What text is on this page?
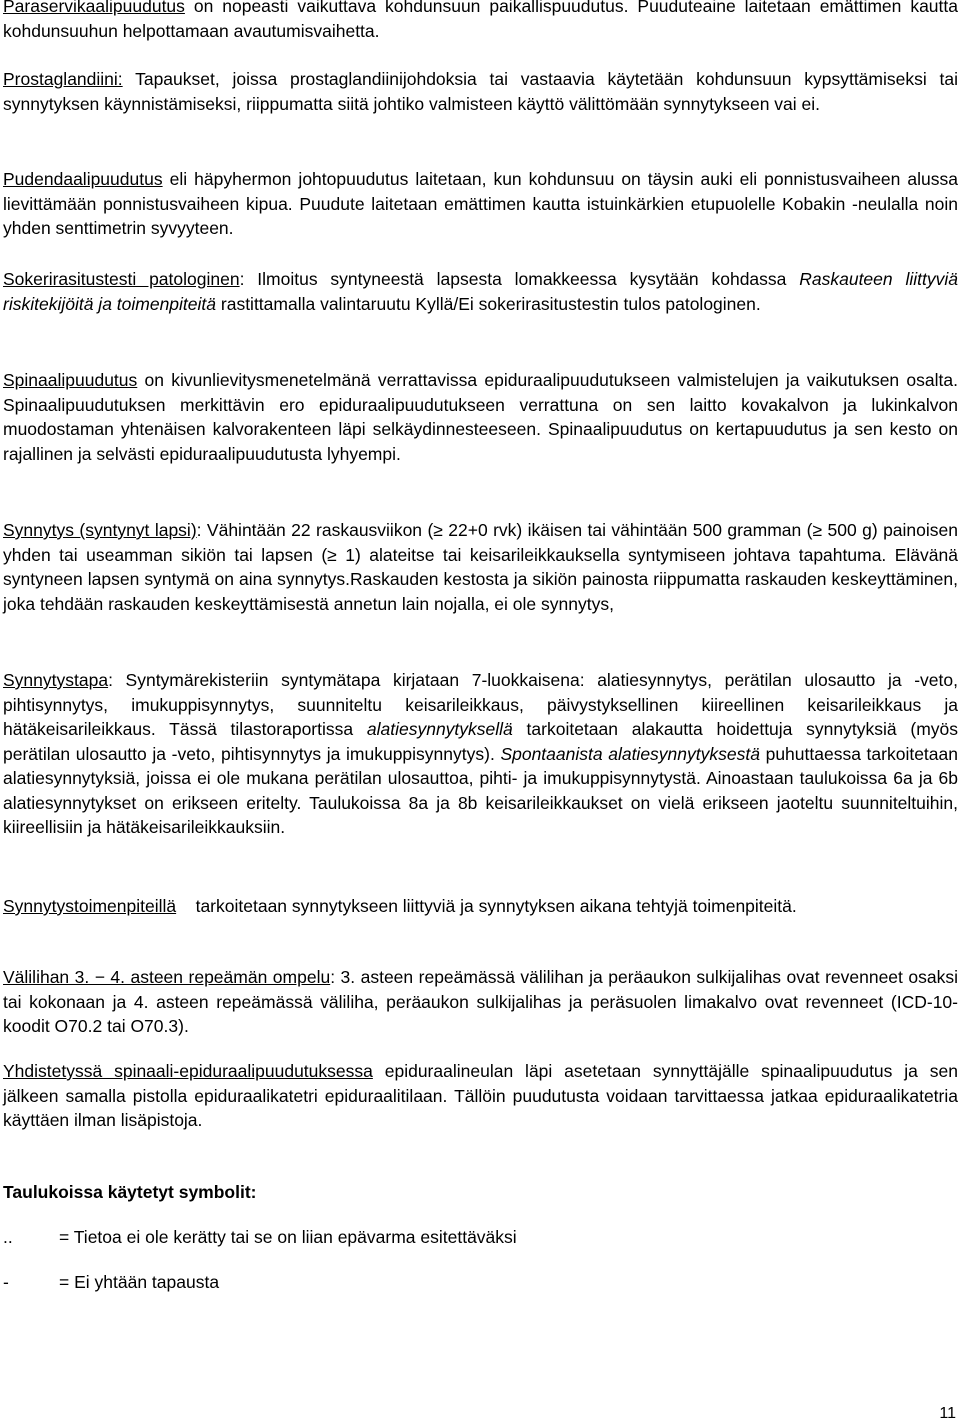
Paraservikaalipuudutus on nopeasti vaikuttava kohdunsuun paikallispuudutus. Puuduteaine laitetaan emättimen kautta kohdunsuuhun helpottamaan avautumisvaihetta.

Prostaglandiini: Tapaukset, joissa prostaglandiinijohdoksia tai vastaavia käytetään kohdunsuun kypsyttämiseksi tai synnytyksen käynnistämiseksi, riippumatta siitä johtiko valmisteen käyttö välittömään synnytykseen vai ei.

Pudendaalipuudutus eli häpyhermon johtopuudutus laitetaan, kun kohdunsuu on täysin auki eli ponnistusvaiheen alussa lievittämään ponnistusvaiheen kipua. Puudute laitetaan emättimen kautta istuinkärkien etupuolelle Kobakin -neulalla noin yhden senttimetrin syvyyteen.

Sokerirasitustesti patologinen: Ilmoitus syntyneestä lapsesta lomakkeessa kysytään kohdassa Raskauteen liittyviä riskitekijöitä ja toimenpiteitä rastittamalla valintaruutu Kyllä/Ei sokerirasitustestin tulos patologinen.

Spinaalipuudutus on kivunlievitysmenetelmänä verrattavissa epiduraalipuudutukseen valmistelujen ja vaikutuksen osalta. Spinaalipuudutuksen merkittävin ero epiduraalipuudutukseen verrattuna on sen laitto kovakalvon ja lukinkalvon muodostaman yhtenäisen kalvorakenteen läpi selkäydinnesteeseen. Spinaalipuudutus on kertapuudutus ja sen kesto on rajallinen ja selvästi epiduraalipuudutusta lyhyempi.

Synnytys (syntynyt lapsi): Vähintään 22 raskausviikon (≥ 22+0 rvk) ikäisen tai vähintään 500 gramman (≥ 500 g) painoisen yhden tai useamman sikiön tai lapsen (≥ 1) alateitse tai keisarileikkauksella syntymiseen johtava tapahtuma. Elävänä syntyneen lapsen syntymä on aina synnytys.Raskauden kestosta ja sikiön painosta riippumatta raskauden keskeyttäminen, joka tehdään raskauden keskeyttämisestä annetun lain nojalla, ei ole synnytys,

Synnytystapa: Syntymärekisteriin syntymätapa kirjataan 7-luokkaisena: alatiesynnytys, perätilan ulosautto ja -veto, pihtisynnytys, imukuppisynnytys, suunniteltu keisarileikkaus, päivystyksellinen kiireellinen keisarileikkaus ja hätäkeisarileikkaus. Tässä tilastoraportissa alatiesynnytyksellä tarkoitetaan alakautta hoidettuja synnytyksiä (myös perätilan ulosautto ja -veto, pihtisynnytys ja imukuppisynnytys). Spontaanista alatiesynnytyksestä puhuttaessa tarkoitetaan alatiesynnytyksiä, joissa ei ole mukana perätilan ulosauttoa, pihti- ja imukuppisynnytystä. Ainoastaan taulukoissa 6a ja 6b alatiesynnytykset on erikseen eritelty. Taulukoissa 8a ja 8b keisarileikkaukset on vielä erikseen jaoteltu suunniteltuihin, kiireellisiin ja hätäkeisarileikkauksiin.

Synnytystoimenpiteillä    tarkoitetaan synnytykseen liittyviä ja synnytyksen aikana tehtyjä toimenpiteitä.

Välilihan 3. − 4. asteen repeämän ompelu: 3. asteen repeämässä välilihan ja peräaukon sulkijalihas ovat revenneet osaksi tai kokonaan ja 4. asteen repeämässä väliliha, peräaukon sulkijalihas ja peräsuolen limakalvo ovat revenneet (ICD-10-koodit O70.2 tai O70.3).

Yhdistetyssä spinaali-epiduraalipuudutuksessa epiduraalineulan läpi asetetaan synnyttäjälle spinaalipuudutus ja sen jälkeen samalla pistolla epiduraalikatetri epiduraalitilaan. Tällöin puudutusta voidaan tarvittaessa jatkaa epiduraalikatetria käyttäen ilman lisäpistoja.

Taulukoissa käytetyt symbolit:
..	= Tietoa ei ole kerätty tai se on liian epävarma esitettäväksi
-	= Ei yhtään tapausta
11
